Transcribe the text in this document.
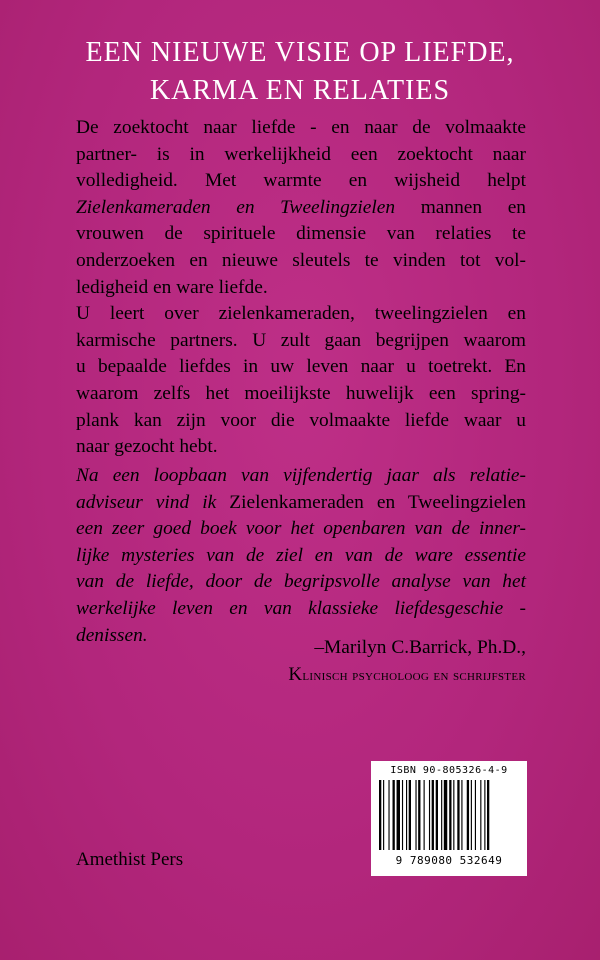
EEN NIEUWE VISIE OP LIEFDE,
KARMA EN RELATIES
De zoektocht naar liefde - en naar de volmaakte
partner- is in werkelijkheid een zoektocht naar
volledigheid. Met warmte en wijsheid helpt
Zielenkameraden en Tweelingzielen mannen en
vrouwen de spirituele dimensie van relaties te
onderzoeken en nieuwe sleutels te vinden tot vol-
ledigheid en ware liefde.
U leert over zielenkameraden, tweelingzielen en
karmische partners. U zult gaan begrijpen waarom
u bepaalde liefdes in uw leven naar u toetrekt. En
waarom zelfs het moeilijkste huwelijk een spring-
plank kan zijn voor die volmaakte liefde waar u
naar gezocht hebt.
Na een loopbaan van vijfendertig jaar als relatie-
adviseur vind ik Zielenkameraden en Tweelingzielen
een zeer goed boek voor het openbaren van de inner-
lijke mysteries van de ziel en van de ware essentie
van de liefde, door de begripsvolle analyse van het
werkelijke leven en van klassieke liefdesgeschie -
denissen.
–Marilyn C.Barrick, Ph.D.,
Klinisch psycholoog en schrijfster
Amethist Pers
ISBN 90-805326-4-9
9 789080 532649
